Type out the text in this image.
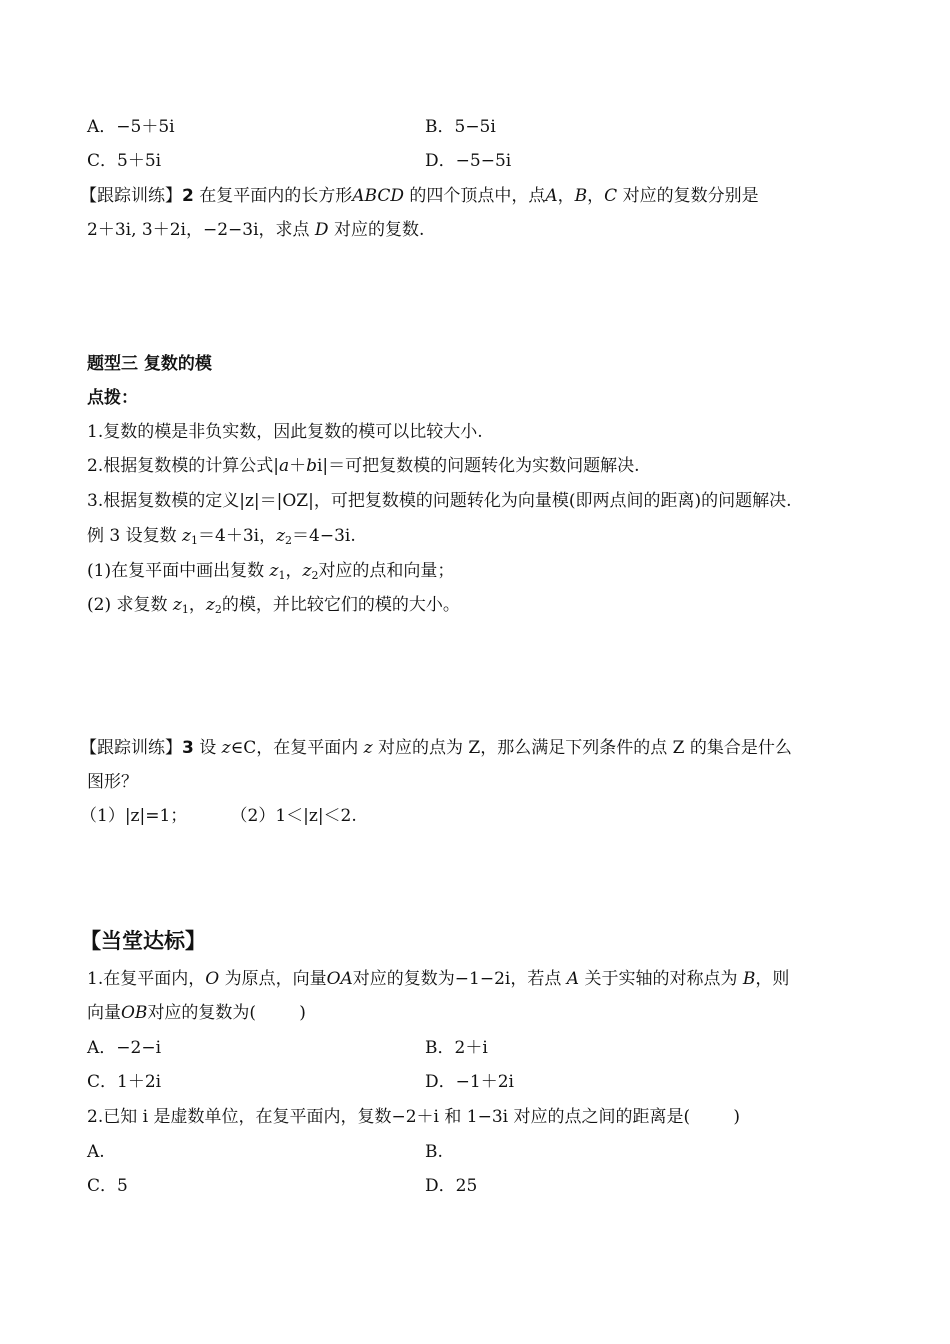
A．−5＋5i	B．5−5i
C．5＋5i	D．−5−5i
【跟踪训练】2 在复平面内的长方形ABCD 的四个顶点中，点A，B，C 对应的复数分别是
2＋3i, 3＋2i，−2−3i，求点 D 对应的复数.
题型三 复数的模
点拨：
1.复数的模是非负实数，因此复数的模可以比较大小.
2.根据复数模的计算公式|a＋bi|＝可把复数模的问题转化为实数问题解决.
3.根据复数模的定义|z|＝|OZ|，可把复数模的问题转化为向量模(即两点间的距离)的问题解决.
例 3 设复数 $z_1=4+3i$，$z_2=4-3i$.
(1)在复平面中画出复数 $z_1$，$z_2$对应的点和向量；
(2) 求复数 $z_1$，$z_2$的模，并比较它们的模的大小。
【跟踪训练】3 设 z∈C，在复平面内 z 对应的点为 Z，那么满足下列条件的点 Z 的集合是什么
图形？
（1）|z|=1；        （2）1＜|z|＜2.
【当堂达标】
1.在复平面内，O 为原点，向量OA对应的复数为−1−2i，若点 A 关于实轴的对称点为 B，则
向量OB对应的复数为(        )
A．−2−i	B．2＋i
C．1＋2i	D．−1＋2i
2.已知 i 是虚数单位，在复平面内，复数−2＋i 和 1−3i 对应的点之间的距离是(        )
A.	B.
C．5	D．25
